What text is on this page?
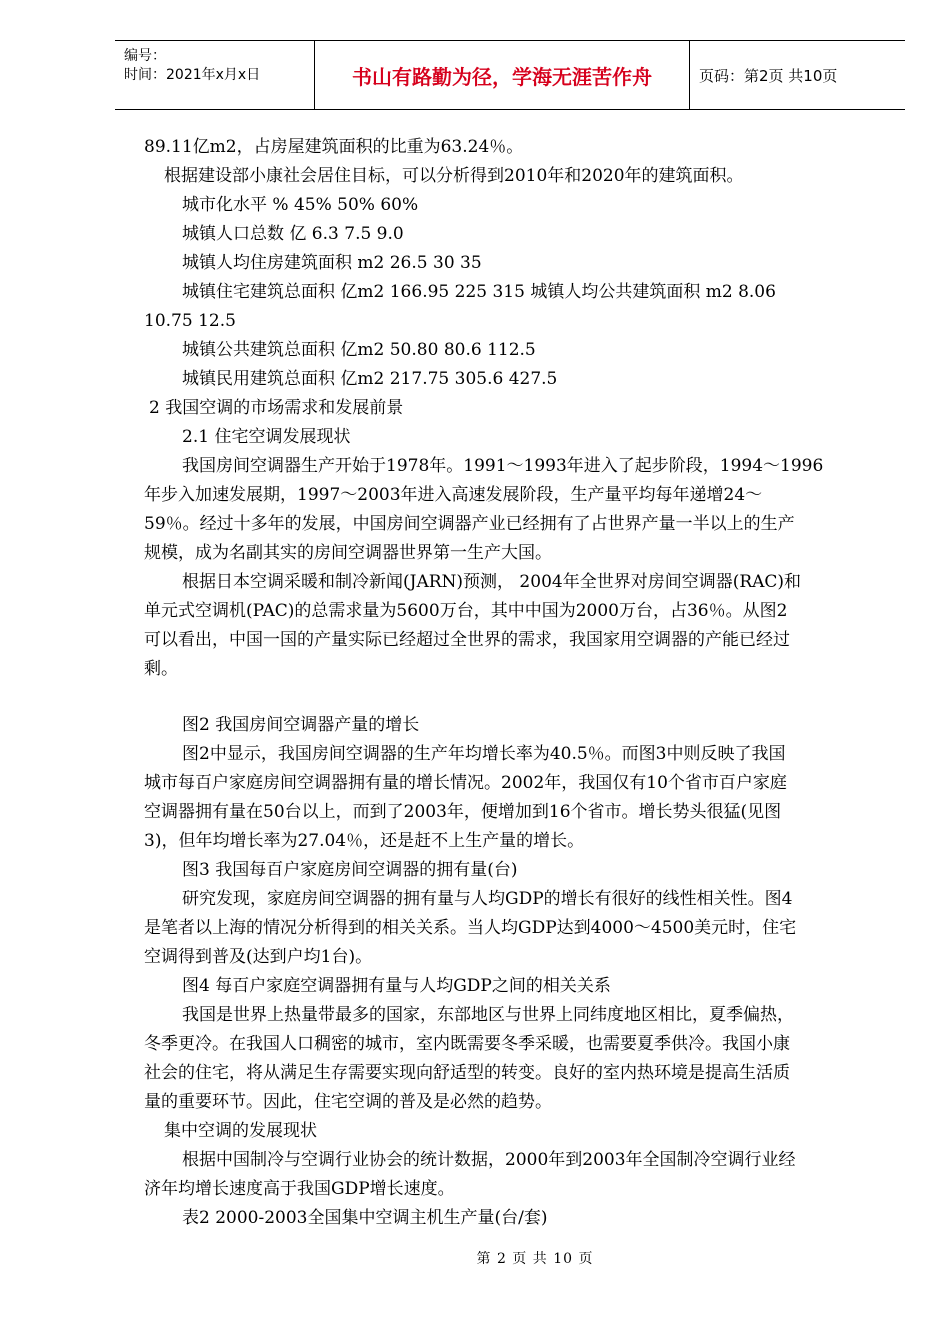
编号：
时间：2021年x月x日	书山有路勤为径，学海无涯苦作舟	页码：第2页 共10页
89.11亿m2，占房屋建筑面积的比重为63.24％。
根据建设部小康社会居住目标，可以分析得到2010年和2020年的建筑面积。
城市化水平 % 45% 50% 60%
城镇人口总数 亿 6.3 7.5 9.0
城镇人均住房建筑面积 m2 26.5 30 35
城镇住宅建筑总面积 亿m2 166.95 225 315 城镇人均公共建筑面积 m2 8.06
10.75 12.5
城镇公共建筑总面积 亿m2 50.80 80.6 112.5
城镇民用建筑总面积 亿m2 217.75 305.6 427.5
2 我国空调的市场需求和发展前景
2.1 住宅空调发展现状
我国房间空调器生产开始于1978年。1991～1993年进入了起步阶段，1994～1996
年步入加速发展期，1997～2003年进入高速发展阶段，生产量平均每年递增24～
59％。经过十多年的发展，中国房间空调器产业已经拥有了占世界产量一半以上的生产
规模，成为名副其实的房间空调器世界第一生产大国。
根据日本空调采暖和制冷新闻(JARN)预测， 2004年全世界对房间空调器(RAC)和
单元式空调机(PAC)的总需求量为5600万台，其中中国为2000万台，占36％。从图2
可以看出，中国一国的产量实际已经超过全世界的需求，我国家用空调器的产能已经过
剩。
图2 我国房间空调器产量的增长
图2中显示，我国房间空调器的生产年均增长率为40.5％。而图3中则反映了我国
城市每百户家庭房间空调器拥有量的增长情况。2002年，我国仅有10个省市百户家庭
空调器拥有量在50台以上，而到了2003年，便增加到16个省市。增长势头很猛(见图
3)，但年均增长率为27.04％，还是赶不上生产量的增长。
图3 我国每百户家庭房间空调器的拥有量(台)
研究发现，家庭房间空调器的拥有量与人均GDP的增长有很好的线性相关性。图4
是笔者以上海的情况分析得到的相关关系。当人均GDP达到4000～4500美元时，住宅
空调得到普及(达到户均1台)。
图4 每百户家庭空调器拥有量与人均GDP之间的相关关系
我国是世界上热量带最多的国家，东部地区与世界上同纬度地区相比，夏季偏热，
冬季更冷。在我国人口稠密的城市，室内既需要冬季采暖，也需要夏季供冷。我国小康
社会的住宅，将从满足生存需要实现向舒适型的转变。良好的室内热环境是提高生活质
量的重要环节。因此，住宅空调的普及是必然的趋势。
集中空调的发展现状
根据中国制冷与空调行业协会的统计数据，2000年到2003年全国制冷空调行业经
济年均增长速度高于我国GDP增长速度。
表2 2000-2003全国集中空调主机生产量(台/套)
第 2 页 共 10 页
